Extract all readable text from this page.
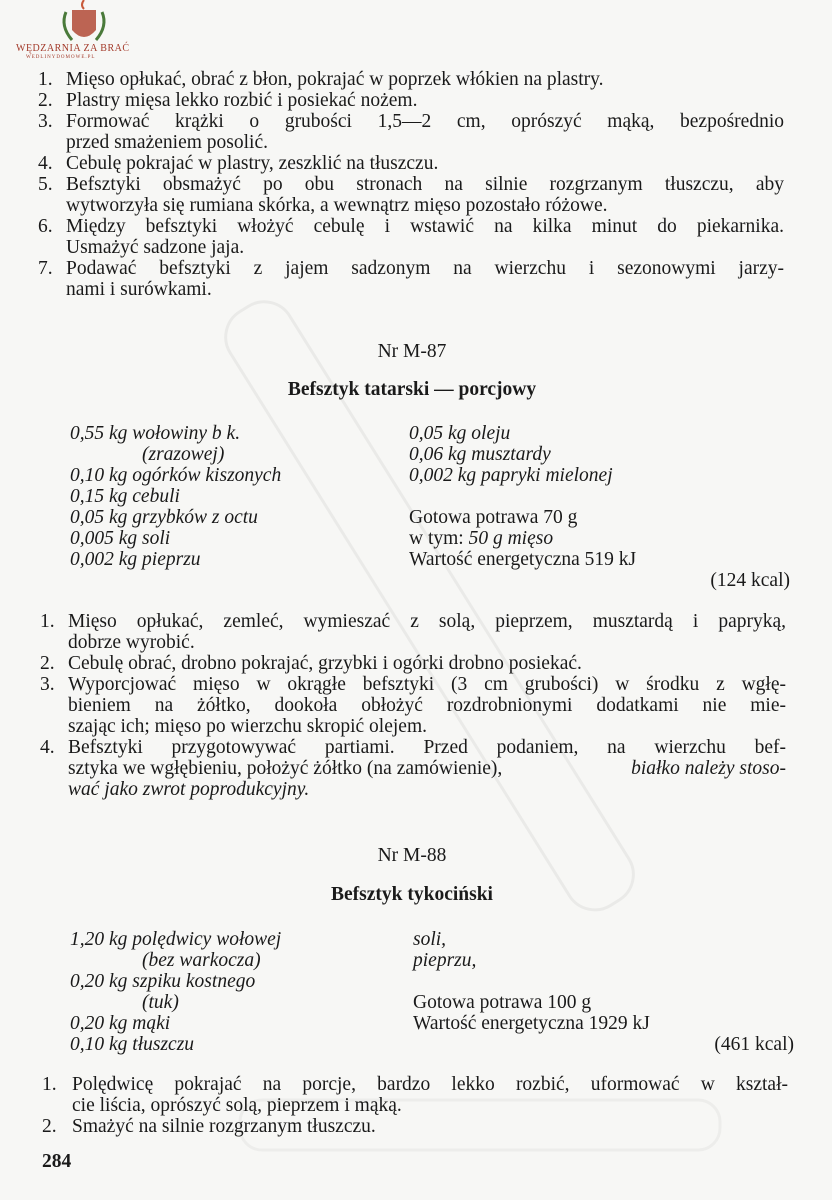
WĘDZARNIA ZA BRAĆ
WEDLINYDOMOWE.PL
1. Mięso opłukać, obrać z błon, pokrajać w poprzek włókien na plastry.
2. Plastry mięsa lekko rozbić i posiekać nożem.
3. Formować krążki o grubości 1,5—2 cm, oprószyć mąką, bezpośrednio
przed smażeniem posolić.
4. Cebulę pokrajać w plastry, zeszklić na tłuszczu.
5. Befsztyki obsmażyć po obu stronach na silnie rozgrzanym tłuszczu, aby
wytworzyła się rumiana skórka, a wewnątrz mięso pozostało różowe.
6. Między befsztyki włożyć cebulę i wstawić na kilka minut do piekarnika.
Usmażyć sadzone jaja.
7. Podawać befsztyki z jajem sadzonym na wierzchu i sezonowymi jarzy-
nami i surówkami.
Nr M-87
Befsztyk tatarski — porcjowy
0,55 kg wołowiny b k.
(zrazowej)
0,10 kg ogórków kiszonych
0,15 kg cebuli
0,05 kg grzybków z octu
0,005 kg soli
0,002 kg pieprzu
0,05 kg oleju
0,06 kg musztardy
0,002 kg papryki mielonej
Gotowa potrawa 70 g
w tym: 50 g mięso
Wartość energetyczna 519 kJ
(124 kcal)
1. Mięso opłukać, zemleć, wymieszać z solą, pieprzem, musztardą i papryką,
dobrze wyrobić.
2. Cebulę obrać, drobno pokrajać, grzybki i ogórki drobno posiekać.
3. Wyporcjować mięso w okrągłe befsztyki (3 cm grubości) w środku z wgłę-
bieniem na żółtko, dookoła obłożyć rozdrobnionymi dodatkami nie mie-
szając ich; mięso po wierzchu skropić olejem.
4. Befsztyki przygotowywać partiami. Przed podaniem, na wierzchu bef-
sztyka we wgłębieniu, położyć żółtko (na zamówienie),	białko należy stoso-
wać jako zwrot poprodukcyjny.
Nr M-88
Befsztyk tykociński
1,20 kg polędwicy wołowej
(bez warkocza)
0,20 kg szpiku kostnego
(tuk)
0,20 kg mąki
0,10 kg tłuszczu
soli,
pieprzu,
Gotowa potrawa 100 g
Wartość energetyczna 1929 kJ
(461 kcal)
1. Polędwicę pokrajać na porcje, bardzo lekko rozbić, uformować w kształ-
cie liścia, oprószyć solą, pieprzem i mąką.
2. Smażyć na silnie rozgrzanym tłuszczu.
284
